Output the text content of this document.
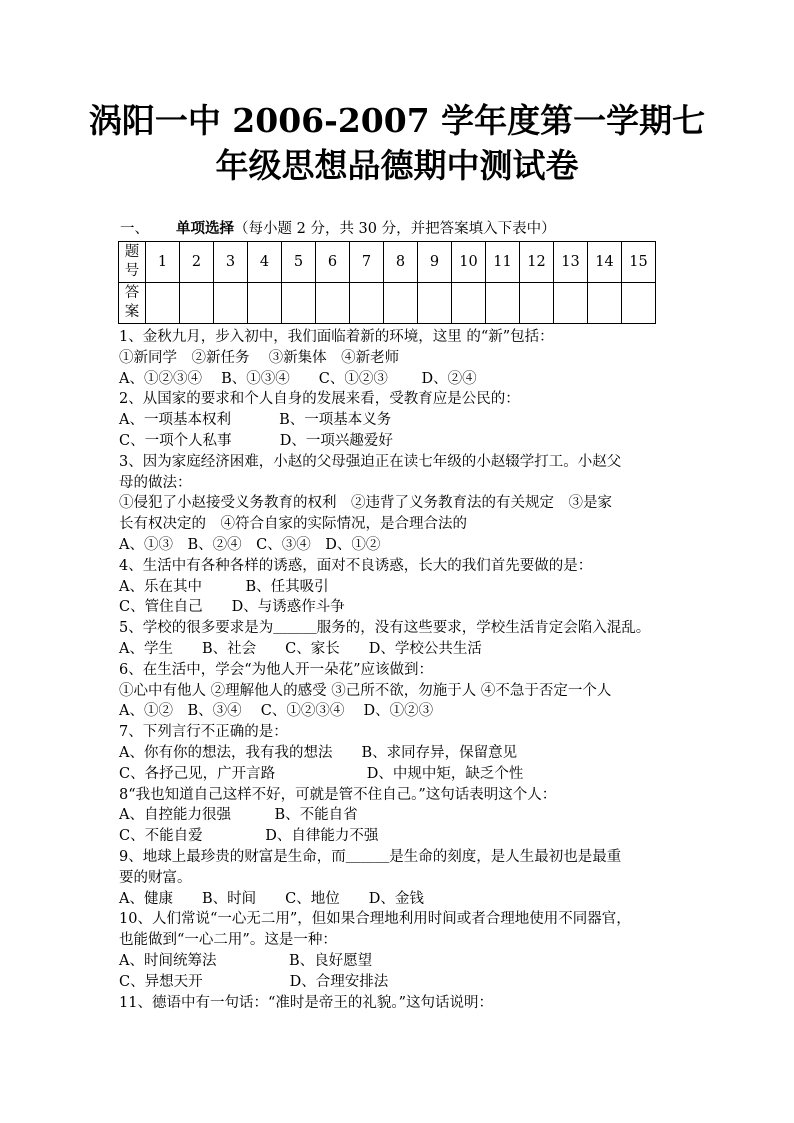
涡阳一中 2006-2007 学年度第一学期七
年级思想品德期中测试卷
一、 单项选择（每小题 2 分，共 30 分，并把答案填入下表中）
题
号	1	2	3	4	5	6	7	8	9	10	11	12	13	14	15

答
案															

1、金秋九月，步入初中，我们面临着新的环境，这里 的“新”包括：
①新同学　②新任务　 ③新集体　④新老师
A、①②③④　 B、①③④　　C、①②③　　 D、②④
2、从国家的要求和个人自身的发展来看，受教育应是公民的：
A、一项基本权利　　　 B、一项基本义务
C、一项个人私事　　　 D、一项兴趣爱好
3、因为家庭经济困难，小赵的父母强迫正在读七年级的小赵辍学打工。小赵父
母的做法：
①侵犯了小赵接受义务教育的权利　②违背了义务教育法的有关规定　③是家
长有权决定的　④符合自家的实际情况，是合理合法的
A、①③　B、②④　C、③④　D、①②
4、生活中有各种各样的诱惑，面对不良诱惑，长大的我们首先要做的是：
A、乐在其中　　　B、任其吸引
C、管住自己　　D、与诱惑作斗争
5、学校的很多要求是为＿＿＿服务的，没有这些要求，学校生活肯定会陷入混乱。
A、学生　　B、社会　　C、家长　　D、学校公共生活
6、在生活中，学会“为他人开一朵花”应该做到：
①心中有他人 ②理解他人的感受 ③己所不欲，勿施于人 ④不急于否定一个人
A、①②　B、③④　 C、①②③④　 D、①②③
7、下列言行不正确的是：
A、你有你的想法，我有我的想法　　B、求同存异，保留意见
C、各抒己见，广开言路　　　　　　 D、中规中矩，缺乏个性
8“我也知道自己这样不好，可就是管不住自己。”这句话表明这个人：
A、自控能力很强　　　B、不能自省
C、不能自爱　　　　 D、自律能力不强
9、地球上最珍贵的财富是生命，而＿＿＿是生命的刻度，是人生最初也是最重
要的财富。
A、健康　　B、时间　　C、地位　　D、金钱
10、人们常说“一心无二用”，但如果合理地利用时间或者合理地使用不同器官，
也能做到“一心二用”。这是一种：
A、时间统筹法　　　　　B、良好愿望
C、异想天开　　　　　　D、合理安排法
11、德语中有一句话：“准时是帝王的礼貌。”这句话说明：
